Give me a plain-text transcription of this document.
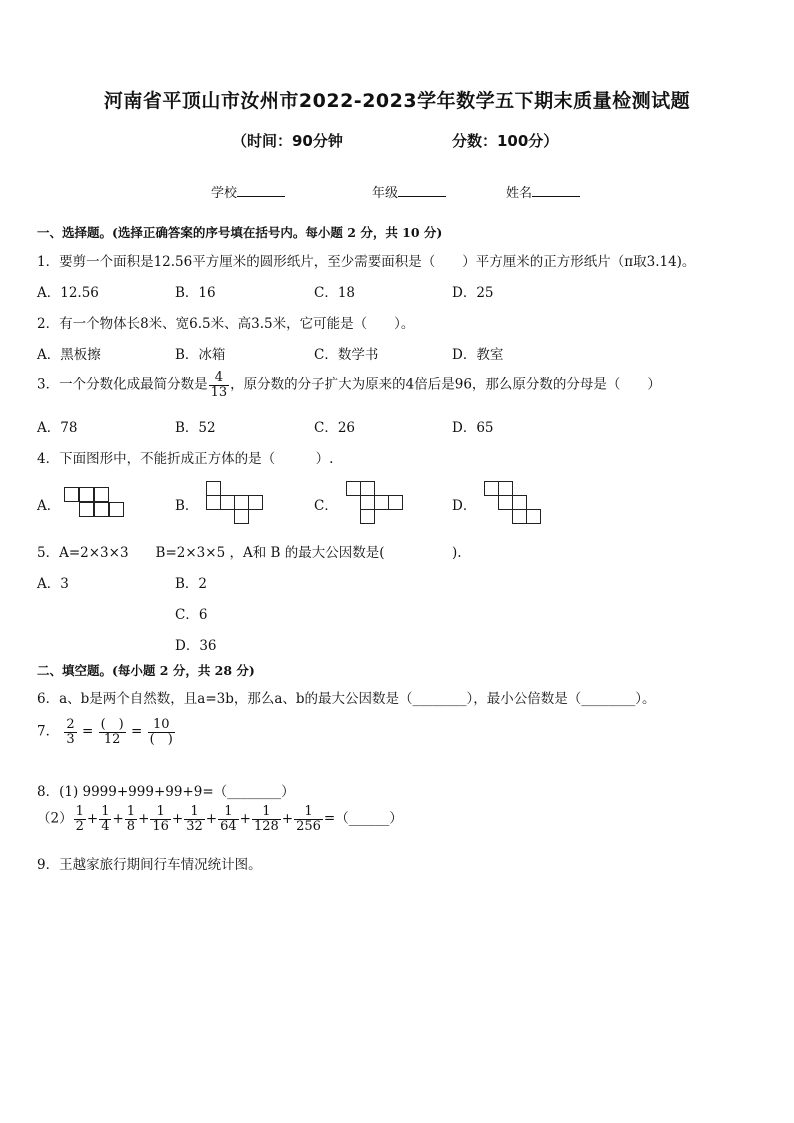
河南省平顶山市汝州市2022-2023学年数学五下期末质量检测试题
（时间：90分钟	分数：100分）
学校	年级	姓名
一、选择题。(选择正确答案的序号填在括号内。每小题 2 分，共 10 分)
1．要剪一个面积是12.56平方厘米的圆形纸片，至少需要面积是（　　）平方厘米的正方形纸片（π取3.14)。
A．12.56	B．16	C．18	D．25
2．有一个物体长8米、宽6.5米、高3.5米，它可能是（　　）。
A．黑板擦	B．冰箱	C．数学书	D．教室
3．一个分数化成最简分数是 $\frac{4}{13}$ ，原分数的分子扩大为原来的4倍后是96，那么原分数的分母是（　　）
A．78	B．52	C．26	D．65
4．下面图形中，不能折成正方体的是（　　　）.
A．	B．	C．	D．
5．A=2×3×3　　B=2×3×5 ，A和 B 的最大公因数是(　　　　　).
A．3	B．2
C．6
D．36
二、填空题。(每小题 2 分，共 28 分)
6．a、b是两个自然数，且a=3b，那么a、b的最大公因数是（________），最小公倍数是（________）。
7． $\frac{2}{3} = \frac{( )}{12} = \frac{10}{( )}$
8．(1) 9999+999+99+9=（________）
$(2) \frac{1}{2} + \frac{1}{4} + \frac{1}{8} + \frac{1}{16} + \frac{1}{32} + \frac{1}{64} + \frac{1}{128} + \frac{1}{256}$ =（______）
9．王越家旅行期间行车情况统计图。
